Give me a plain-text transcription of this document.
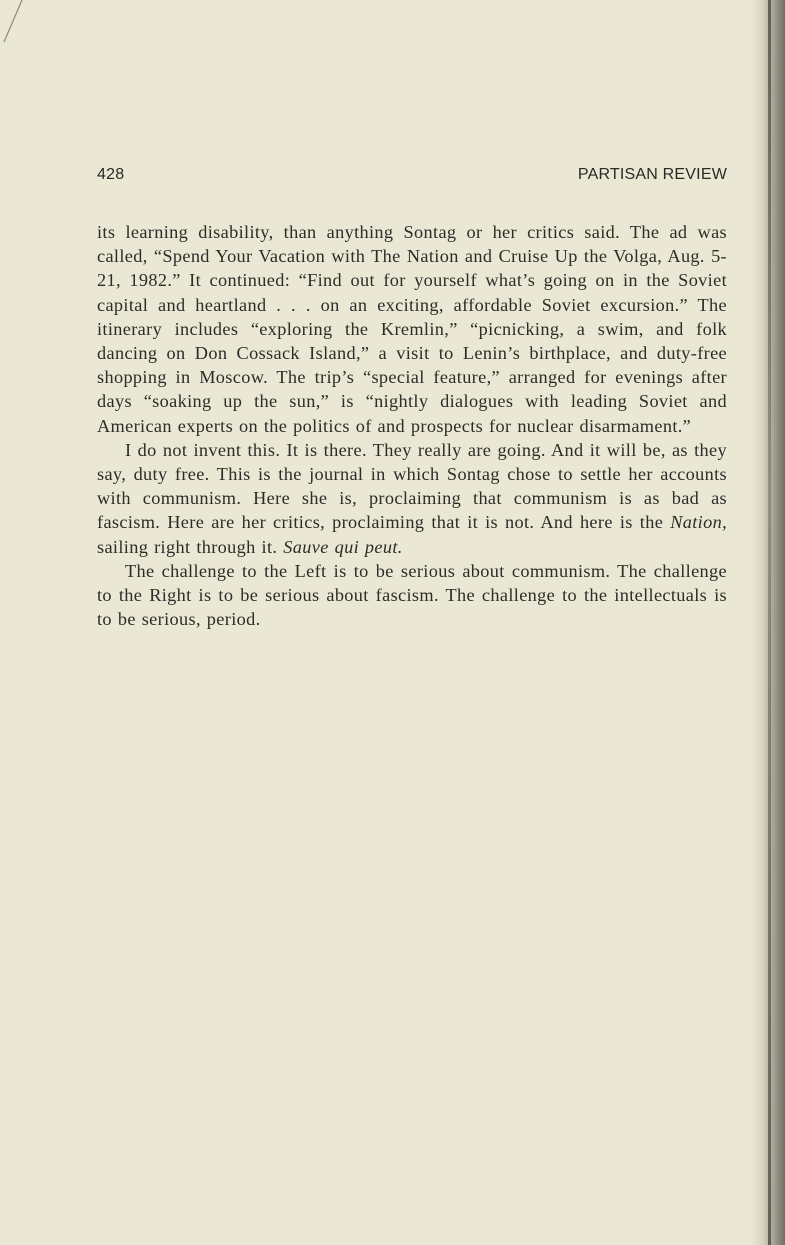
428	PARTISAN REVIEW

its learning disability, than anything Sontag or her critics said. The ad was called, “Spend Your Vacation with The Nation and Cruise Up the Volga, Aug. 5-21, 1982.” It continued: “Find out for yourself what’s going on in the Soviet capital and heartland . . . on an exciting, affordable Soviet excursion.” The itinerary includes “exploring the Kremlin,” “picnicking, a swim, and folk dancing on Don Cossack Island,” a visit to Lenin’s birthplace, and duty-free shopping in Moscow. The trip’s “special feature,” arranged for evenings after days “soaking up the sun,” is “nightly dialogues with leading Soviet and American experts on the politics of and prospects for nuclear disarmament.”

I do not invent this. It is there. They really are going. And it will be, as they say, duty free. This is the journal in which Sontag chose to settle her accounts with communism. Here she is, proclaiming that communism is as bad as fascism. Here are her critics, proclaiming that it is not. And here is the Nation, sailing right through it. Sauve qui peut.

The challenge to the Left is to be serious about communism. The challenge to the Right is to be serious about fascism. The challenge to the intellectuals is to be serious, period.
